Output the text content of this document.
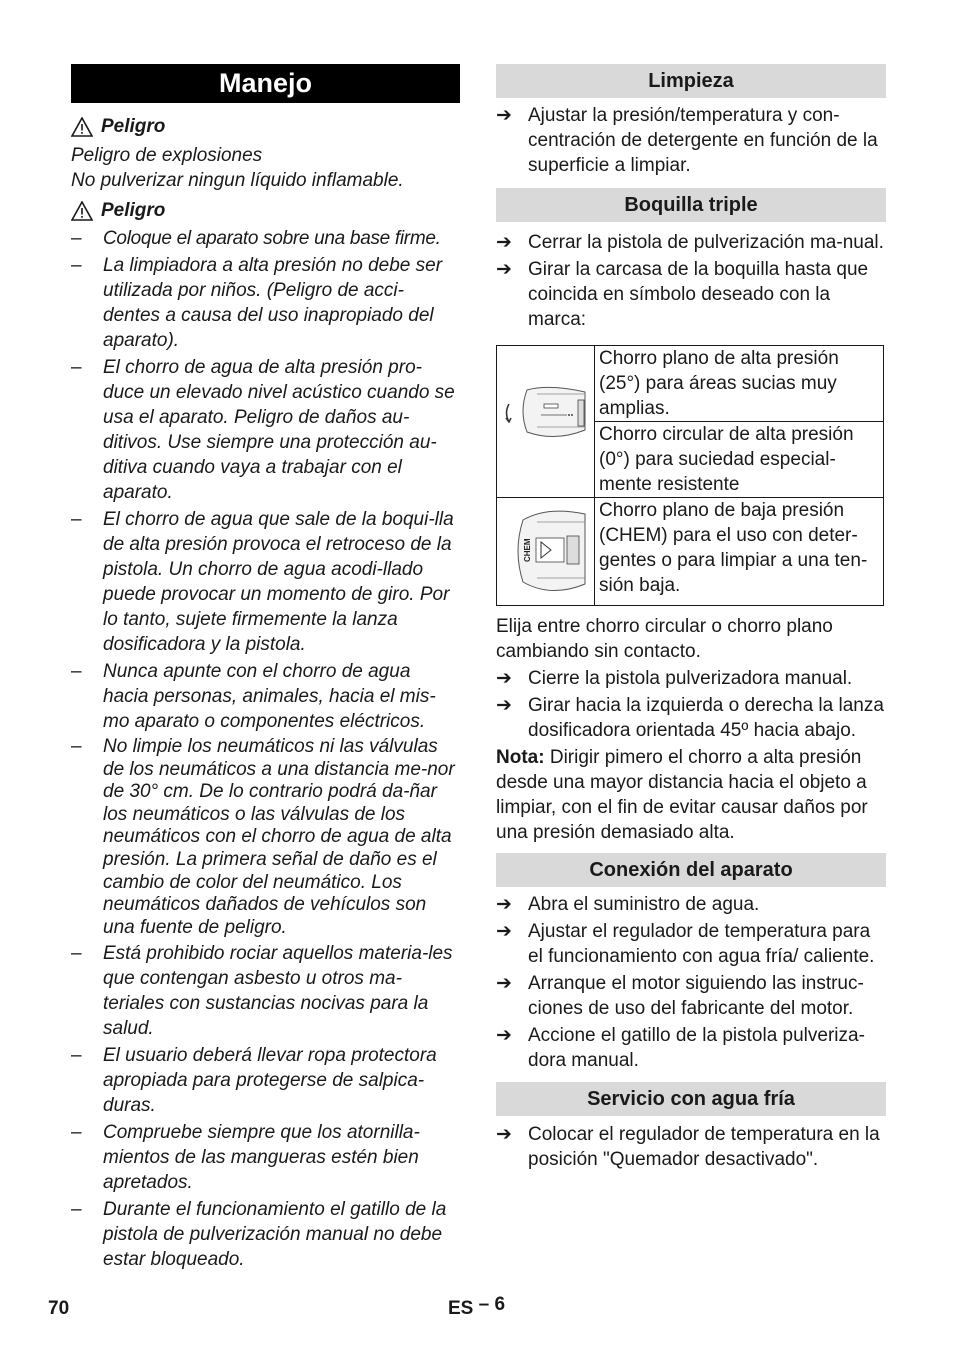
Manejo
Peligro
Peligro de explosiones
No pulverizar ningun líquido inflamable.
Peligro
– Coloque el aparato sobre una base firme.
– La limpiadora a alta presión no debe ser utilizada por niños. (Peligro de acci-dentes a causa del uso inapropiado del aparato).
– El chorro de agua de alta presión pro-duce un elevado nivel acústico cuando se usa el aparato. Peligro de daños au-ditivos. Use siempre una protección au-ditiva cuando vaya a trabajar con el aparato.
– El chorro de agua que sale de la boqui-lla de alta presión provoca el retroceso de la pistola. Un chorro de agua acodi-llado puede provocar un momento de giro. Por lo tanto, sujete firmemente la lanza dosificadora y la pistola.
– Nunca apunte con el chorro de agua hacia personas, animales, hacia el mis-mo aparato o componentes eléctricos.
– No limpie los neumáticos ni las válvulas de los neumáticos a una distancia me-nor de 30° cm. De lo contrario podrá da-ñar los neumáticos o las válvulas de los neumáticos con el chorro de agua de alta presión. La primera señal de daño es el cambio de color del neumático. Los neumáticos dañados de vehículos son una fuente de peligro.
– Está prohibido rociar aquellos materia-les que contengan asbesto u otros ma-teriales con sustancias nocivas para la salud.
– El usuario deberá llevar ropa protectora apropiada para protegerse de salpica-duras.
– Compruebe siempre que los atornilla-mientos de las mangueras estén bien apretados.
– Durante el funcionamiento el gatillo de la pistola de pulverización manual no debe estar bloqueado.
Limpieza
➔ Ajustar la presión/temperatura y con-centración de detergente en función de la superficie a limpiar.
Boquilla triple
➔ Cerrar la pistola de pulverización ma-nual.
➔ Girar la carcasa de la boquilla hasta que coincida en símbolo deseado con la marca:
	Chorro plano de alta presión (25°) para áreas sucias muy amplias.
	Chorro circular de alta presión (0°) para suciedad especial-mente resistente

CHEM	Chorro plano de baja presión (CHEM) para el uso con deter-gentes o para limpiar a una ten-sión baja.
Elija entre chorro circular o chorro plano cambiando sin contacto.
➔ Cierre la pistola pulverizadora manual.
➔ Girar hacia la izquierda o derecha la lanza dosificadora orientada 45º hacia abajo.
Nota: Dirigir pimero el chorro a alta presión desde una mayor distancia hacia el objeto a limpiar, con el fin de evitar causar daños por una presión demasiado alta.
Conexión del aparato
➔ Abra el suministro de agua.
➔ Ajustar el regulador de temperatura para el funcionamiento con agua fría/ caliente.
➔ Arranque el motor siguiendo las instruc-ciones de uso del fabricante del motor.
➔ Accione el gatillo de la pistola pulveriza-dora manual.
Servicio con agua fría
➔ Colocar el regulador de temperatura en la posición "Quemador desactivado".
70	ES – 6
